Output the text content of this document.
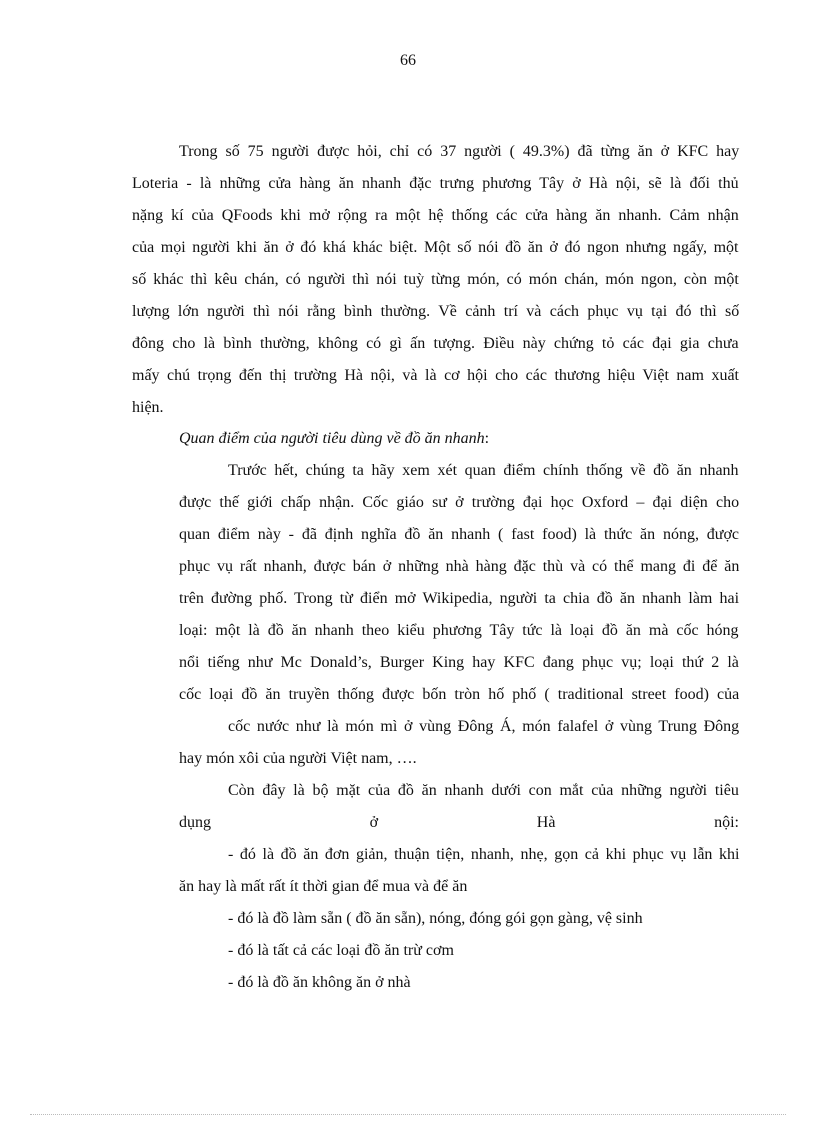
66
Trong số 75 người được hỏi, chỉ có 37 người ( 49.3%) đã từng ăn ở KFC hay
Loteria - là những cửa hàng ăn nhanh đặc trưng phương Tây ở Hà nội, sẽ là đối thủ
nặng kí của QFoods khi mở rộng ra một hệ thống các cửa hàng ăn nhanh. Cảm nhận
của mọi người khi ăn ở đó khá khác biệt. Một số nói đồ ăn ở đó ngon nhưng ngấy, một
số khác thì kêu chán, có người thì nói tuỳ từng món, có món chán, món ngon, còn một
lượng lớn người thì nói rằng bình thường. Về cảnh trí và cách phục vụ tại đó thì số
đông cho là bình thường, không có gì ấn tượng. Điều này chứng tỏ các đại gia chưa
mấy chú trọng đến thị trường Hà nội, và là cơ hội cho các thương hiệu Việt nam xuất
hiện.
Quan điểm của người tiêu dùng về đồ ăn nhanh:
Trước hết, chúng ta hãy xem xét quan điểm chính thống về đồ ăn nhanh
được thế giới chấp nhận. Cốc giáo sư ở trường đại học Oxford – đại diện cho
quan điểm này - đã định nghĩa đồ ăn nhanh ( fast food) là thức ăn nóng, được
phục vụ rất nhanh, được bán ở những nhà hàng đặc thù và có thể mang đi để ăn
trên đường phố. Trong từ điển mở Wikipedia, người ta chia đồ ăn nhanh làm hai
loại: một là đồ ăn nhanh theo kiểu phương Tây tức là loại đồ ăn mà cốc hóng
nổi tiếng như Mc Donald’s, Burger King hay KFC đang phục vụ; loại thứ 2 là
cốc loại đồ ăn truyền thống được bốn tròn hố phố ( traditional street food) của
cốc nước như là món mì ở vùng Đông Á, món falafel ở vùng Trung Đông
hay món xôi của người Việt nam, ….
Còn đây là bộ mặt của đồ ăn nhanh dưới con mắt của những người tiêu
dụng	ở	Hà	nội:
- đó là đồ ăn đơn giản, thuận tiện, nhanh, nhẹ, gọn cả khi phục vụ lẫn khi
ăn hay là mất rất ít thời gian để mua và để ăn
- đó là đồ làm sẵn ( đồ ăn sẵn), nóng, đóng gói gọn gàng, vệ sinh
- đó là tất cả các loại đồ ăn trừ cơm
- đó là đồ ăn không ăn ở nhà
